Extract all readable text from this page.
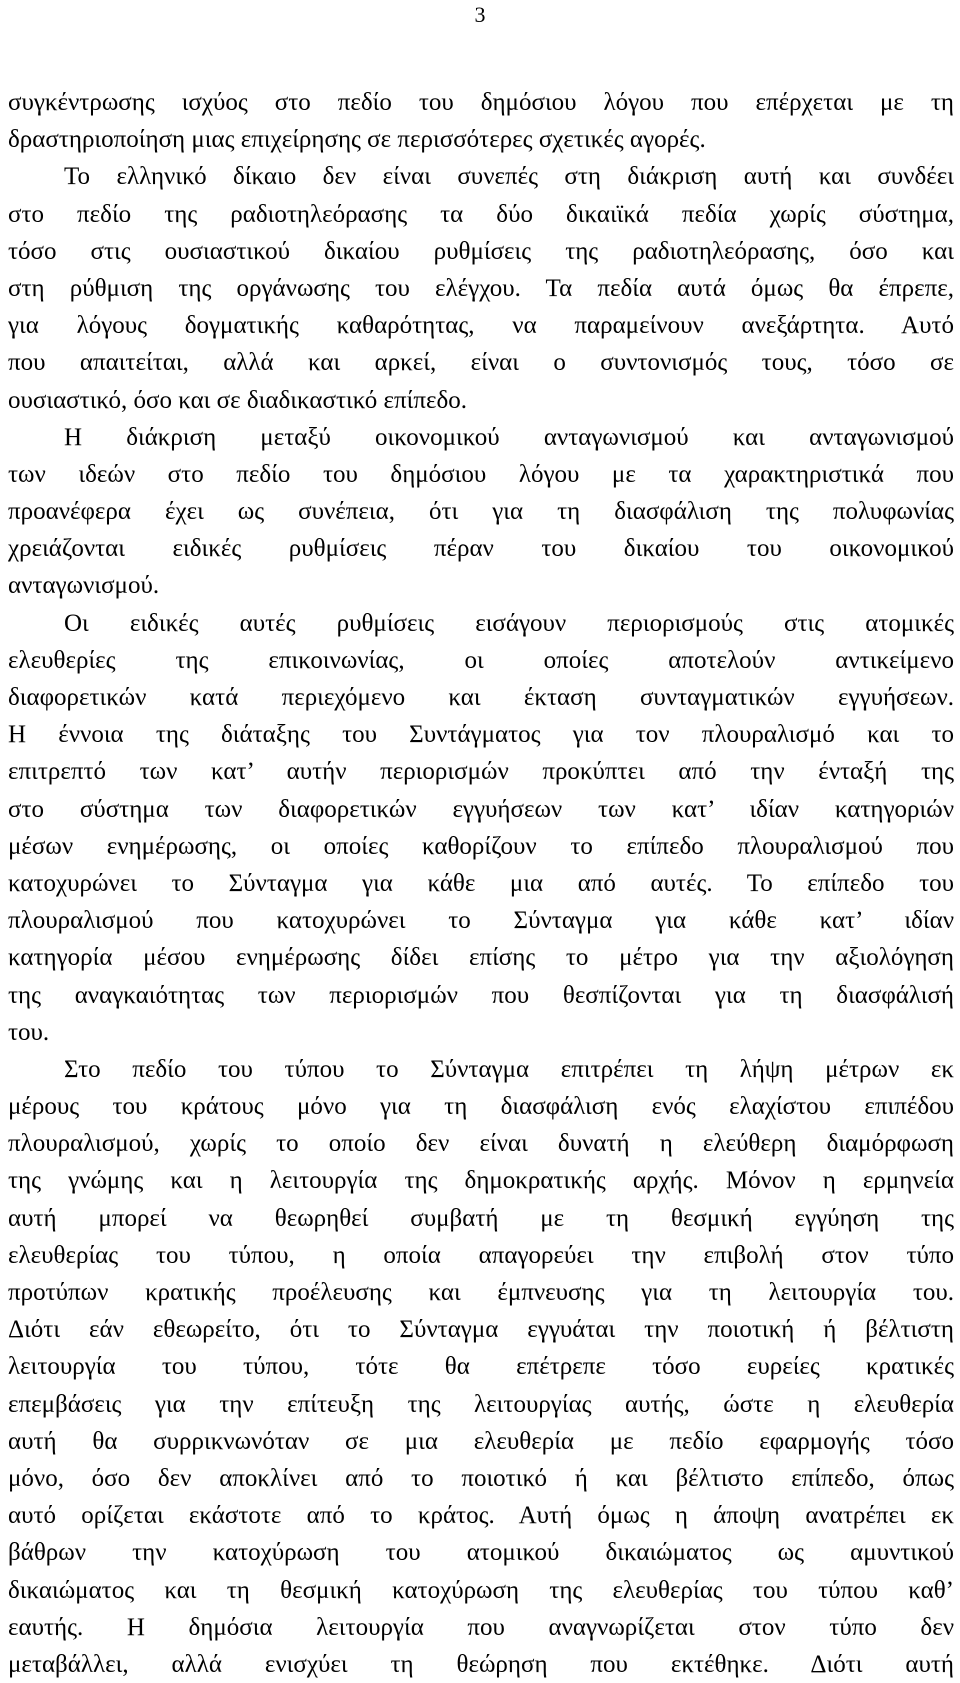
3
συγκέντρωσης ισχύος στο πεδίο του δημόσιου λόγου που επέρχεται με τη
δραστηριοποίηση μιας επιχείρησης σε περισσότερες σχετικές αγορές.
Το ελληνικό δίκαιο δεν είναι συνεπές στη διάκριση αυτή και συνδέει
στο πεδίο της ραδιοτηλεόρασης τα δύο δικαιϊκά πεδία χωρίς σύστημα,
τόσο στις ουσιαστικού δικαίου ρυθμίσεις της ραδιοτηλεόρασης, όσο και
στη ρύθμιση της οργάνωσης του ελέγχου. Τα πεδία αυτά όμως θα έπρεπε,
για λόγους δογματικής καθαρότητας, να παραμείνουν ανεξάρτητα. Αυτό
που απαιτείται, αλλά και αρκεί, είναι ο συντονισμός τους, τόσο σε
ουσιαστικό, όσο και σε διαδικαστικό επίπεδο.
Η διάκριση μεταξύ οικονομικού ανταγωνισμού και ανταγωνισμού
των ιδεών στο πεδίο του δημόσιου λόγου με τα χαρακτηριστικά που
προανέφερα έχει ως συνέπεια, ότι για τη διασφάλιση της πολυφωνίας
χρειάζονται ειδικές ρυθμίσεις πέραν του δικαίου του οικονομικού
ανταγωνισμού.
Οι ειδικές αυτές ρυθμίσεις εισάγουν περιορισμούς στις ατομικές
ελευθερίες της επικοινωνίας, οι οποίες αποτελούν αντικείμενο
διαφορετικών κατά περιεχόμενο και έκταση συνταγματικών εγγυήσεων.
Η έννοια της διάταξης του Συντάγματος για τον πλουραλισμό και το
επιτρεπτό των κατ’ αυτήν περιορισμών προκύπτει από την ένταξή της
στο σύστημα των διαφορετικών εγγυήσεων των κατ’ ιδίαν κατηγοριών
μέσων ενημέρωσης, οι οποίες καθορίζουν το επίπεδο πλουραλισμού που
κατοχυρώνει το Σύνταγμα για κάθε μια από αυτές. Το επίπεδο του
πλουραλισμού που κατοχυρώνει το Σύνταγμα για κάθε κατ’ ιδίαν
κατηγορία μέσου ενημέρωσης δίδει επίσης το μέτρο για την αξιολόγηση
της αναγκαιότητας των περιορισμών που θεσπίζονται για τη διασφάλισή
του.
Στο πεδίο του τύπου το Σύνταγμα επιτρέπει τη λήψη μέτρων εκ
μέρους του κράτους μόνο για τη διασφάλιση ενός ελαχίστου επιπέδου
πλουραλισμού, χωρίς το οποίο δεν είναι δυνατή η ελεύθερη διαμόρφωση
της γνώμης και η λειτουργία της δημοκρατικής αρχής. Μόνον η ερμηνεία
αυτή μπορεί να θεωρηθεί συμβατή με τη θεσμική εγγύηση της
ελευθερίας του τύπου, η οποία απαγορεύει την επιβολή στον τύπο
προτύπων κρατικής προέλευσης και έμπνευσης για τη λειτουργία του.
Διότι εάν εθεωρείτο, ότι το Σύνταγμα εγγυάται την ποιοτική ή βέλτιστη
λειτουργία του τύπου, τότε θα επέτρεπε τόσο ευρείες κρατικές
επεμβάσεις για την επίτευξη της λειτουργίας αυτής, ώστε η ελευθερία
αυτή θα συρρικνωνόταν σε μια ελευθερία με πεδίο εφαρμογής τόσο
μόνο, όσο δεν αποκλίνει από το ποιοτικό ή και βέλτιστο επίπεδο, όπως
αυτό ορίζεται εκάστοτε από το κράτος. Αυτή όμως η άποψη ανατρέπει εκ
βάθρων την κατοχύρωση του ατομικού δικαιώματος ως αμυντικού
δικαιώματος και τη θεσμική κατοχύρωση της ελευθερίας του τύπου καθ’
εαυτής. Η δημόσια λειτουργία που αναγνωρίζεται στον τύπο δεν
μεταβάλλει, αλλά ενισχύει τη θεώρηση που εκτέθηκε. Διότι αυτή
